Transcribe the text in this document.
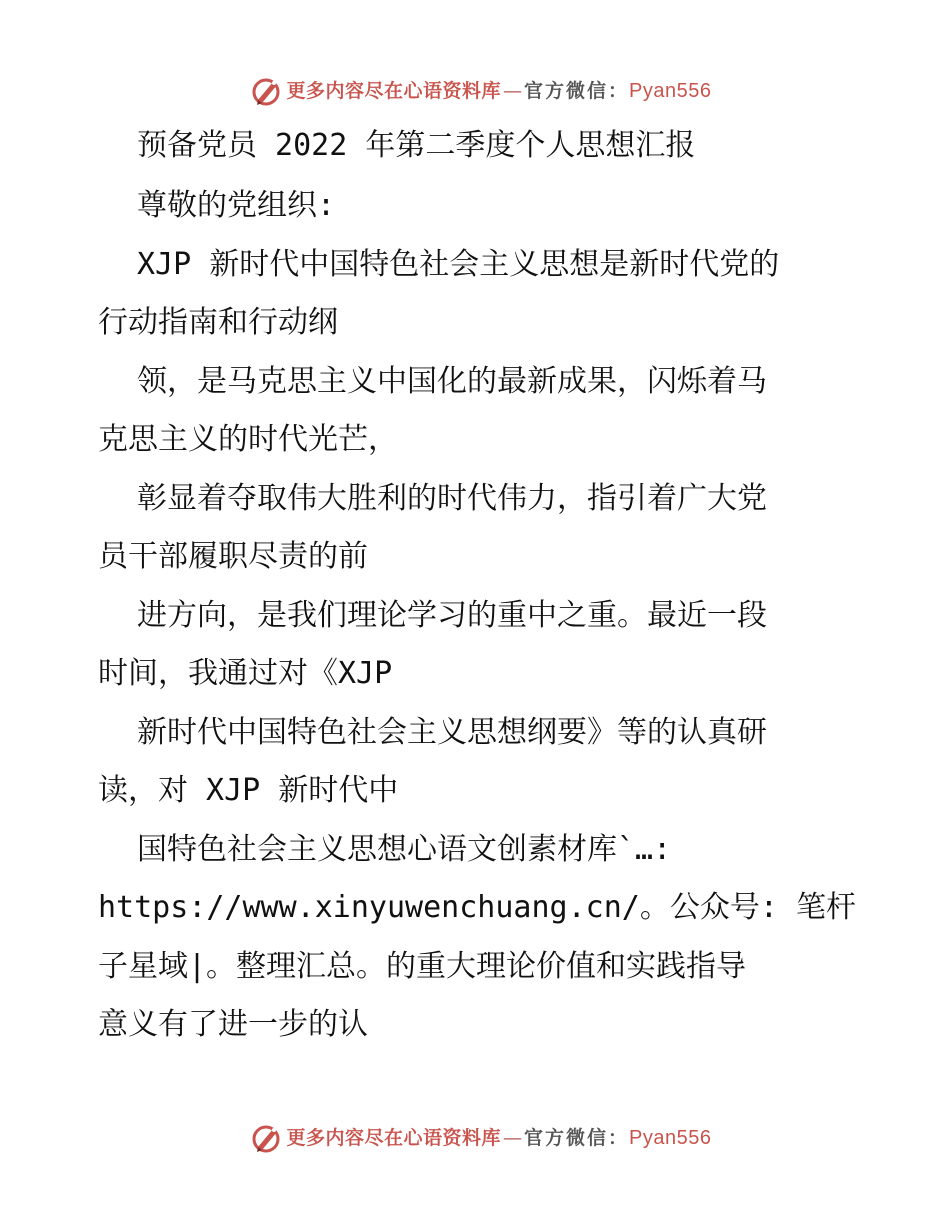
更多内容尽在心语资料库 — 官方微信： Pyan556
预备党员 2022 年第二季度个人思想汇报
尊敬的党组织:
XJP 新时代中国特色社会主义思想是新时代党的
行动指南和行动纲
领，是马克思主义中国化的最新成果，闪烁着马
克思主义的时代光芒，
彰显着夺取伟大胜利的时代伟力，指引着广大党
员干部履职尽责的前
进方向，是我们理论学习的重中之重。最近一段
时间，我通过对《XJP
新时代中国特色社会主义思想纲要》等的认真研
读，对 XJP 新时代中
国特色社会主义思想心语文创素材库`…:
https://www.xinyuwenchuang.cn/。公众号: 笔杆
子星域|。整理汇总。的重大理论价值和实践指导
意义有了进一步的认
更多内容尽在心语资料库 — 官方微信： Pyan556
